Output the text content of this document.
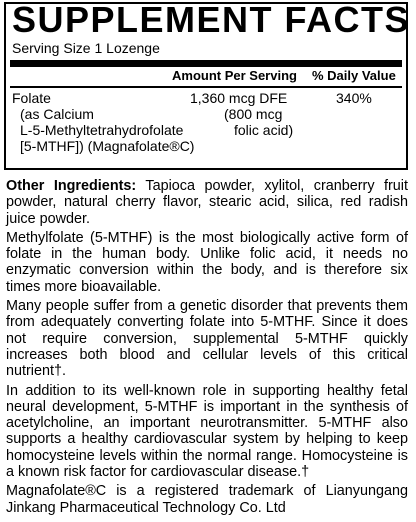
SUPPLEMENT FACTS
Serving Size 1 Lozenge
Amount Per Serving % Daily Value
Folate
(as Calcium
L-5-Methyltetrahydrofolate
[5-MTHF]) (Magnafolate®C)
1,360 mcg DFE
(800 mcg
folic acid)
340%

Other Ingredients: Tapioca powder, xylitol, cranberry fruit powder, natural cherry flavor, stearic acid, silica, red radish juice powder.

Methylfolate (5-MTHF) is the most biologically active form of folate in the human body. Unlike folic acid, it needs no enzymatic conversion within the body, and is therefore six times more bioavailable.

Many people suffer from a genetic disorder that prevents them from adequately converting folate into 5-MTHF. Since it does not require conversion, supplemental 5-MTHF quickly increases both blood and cellular levels of this critical nutrient†.

In addition to its well-known role in supporting healthy fetal neural development, 5-MTHF is important in the synthesis of acetylcholine, an important neurotransmitter. 5-MTHF also supports a healthy cardiovascular system by helping to keep homocysteine levels within the normal range. Homocysteine is a known risk factor for cardiovascular disease.†

Magnafolate®C is a registered trademark of Lianyungang Jinkang Pharmaceutical Technology Co. Ltd
